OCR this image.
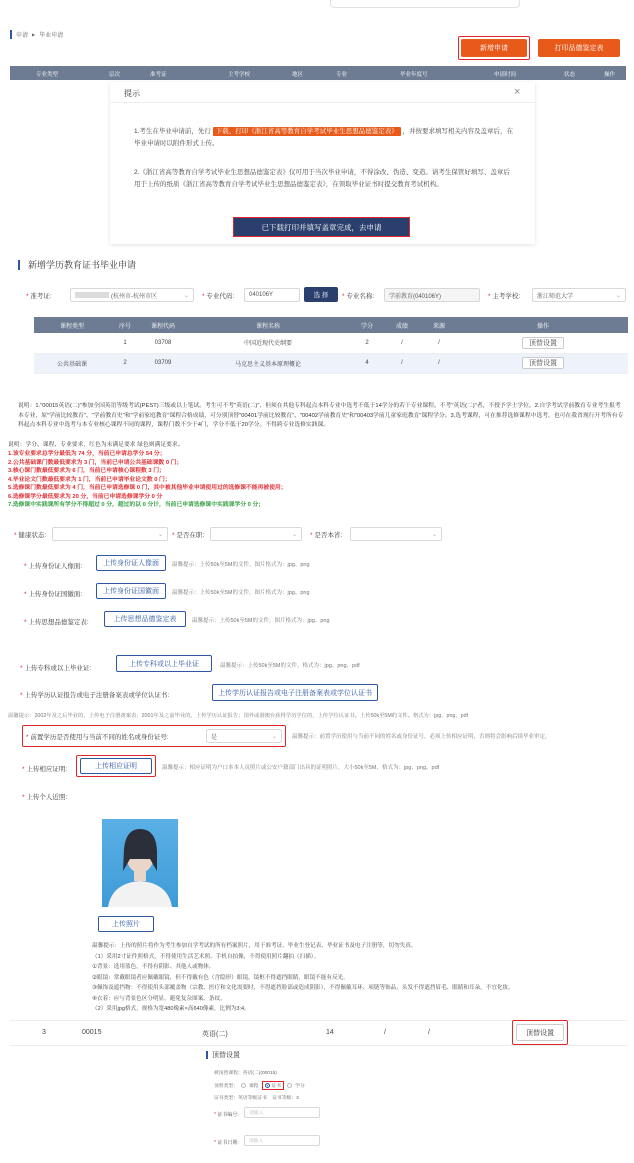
申请 ▶ 毕业申请
新增申请	打印品德鉴定表
专业类型	层次	准考证	主考学校	地区	专业	毕业年度号	申请时间	状态	操作
提示	×
1.考生在毕业申请前，先行 下载、打印《浙江省高等教育自学考试毕业生思想品德鉴定表》 ，并按要求填写相关内容及盖章后，在毕业申请时以附件形式上传。
2.《浙江省高等教育自学考试毕业生思想品德鉴定表》仅可用于当次毕业申请，不得涂改、伪造、变造。请考生保管好填写、盖章后用于上传的纸质《浙江省高等教育自学考试毕业生思想品德鉴定表》，在领取毕业证书时提交教育考试机构。
已下载打印并填写盖章完成，去申请
新增学历教育证书毕业申请
* 准考证:	(杭州市-杭州市区	⌄ * 专业代码: 040106Y	选 择	* 专业名称: 学前教育(040106Y)	* 主考学校:	浙江师范大学	⌄
课程类型	序号	课程代码	课程名称	学分	成绩	来源	操作
	1	03708	中国近现代史纲要	2	/	/	顶替设置
公共基础课	2	03709	马克思主义基本原理概论	4	/	/	顶替设置
说明：1."00015英语(二)"参加全国英语等级考试(PEST)三级或以上笔试。考生可不考"英语(二)"，但须在其他专科起点本科专业中选考不低于14学分的若干专业课程。不考"英语(二)"者，不授予学士学位。2.自学考试学前教育专业考生报考本专业，原"学前比较教育"、"学前教育史"和"学前家庭教育"课程合格成绩，可分别顶替"00401学前比较教育"、"00402学前教育史"和"00403学前儿童家庭教育"课程学分。3.选考课程，可在推荐选修课程中选考，也可在我省现行开考所有专科起点本科专业中选考与本专业核心课程不同的课程，课程门数不少于4门，学分不低于20学分。不得跨专业选修实践课。
说明：学分、课程、专业要求，红色为未满足要求 绿色则满足要求。
1.该专业要求总学分最低为 74 分，当前已申请总学分 54 分；
2.公共基础课门数最低要求为 3 门，当前已申请公共基础课数 0 门；
3.核心课门数最低要求为 6 门，当前已申请核心课程数 3 门；
4.毕业论文门数最低要求为 1 门，当前已申请毕业论文数 0 门；
5.选修课门数最低要求为 4 门，当前已申请选修课 0 门，其中被其他毕业申请使用过的选修课不能再被使用；
6.选修课学分最低要求为 20 分，当前已申请选修课学分 0 分
7.选修课中实践课所有学分不得超过 0 分，超过的以 0 分计，当前已申请选修课中实践课学分 0 分；
* 健康状态:	⌄ * 是否在职:	⌄ * 是否本省:	⌄
* 上传身份证人像面:	上传身份证人像面	温馨提示：上传50k至5M的文件。图片格式为：jpg、png
* 上传身份证国徽面:	上传身份证国徽面	温馨提示：上传50k至5M的文件。图片格式为：jpg、png
* 上传思想品德鉴定表:	上传思想品德鉴定表	温馨提示：上传50k至5M的文件。图片格式为：jpg、png
* 上传专科或以上毕业证:
上传专科或以上毕业证	温馨提示：上传50k至5M的文件。格式为：jpg、png、pdf
* 上传学历认证报告或电子注册备案表或学位认证书:	上传学历认证报告或电子注册备案表或学位认证书
温馨提示：2002年及之后毕业的，上传电子注册备案表；2001年及之前毕业的，上传学历认证报告；国外或港澳台获得学历学位的，上传学位认证书。上传50k至5M的文件。格式为：jpg、png、pdf
* 前置学历是否使用与当前不同的姓名或身份证号:	是	⌄	温馨提示：前置学历使用与当前不同的姓名或身份证号，必须上传相应证明，否则将会影响后续毕业审定。
* 上传相应证明:	上传相应证明	温馨提示：相应证明为户口本本人页照片或公安户籍部门出具的证明照片，大小50k至5M，格式为：jpg、png、pdf
* 上传个人近照:
上传照片
温馨提示：上传的照片将作为考生参加自学考试的所有档案照片，用于准考证、毕业生登记表、毕业证书及电子注册等，切勿失真。
（1）采用2寸证件照格式，不得使用生活艺术照、手机自拍像，不得使用照片翻拍（扫描）。
①背景：选用蓝色，不得有阴影、其他人或物体。
②眼镜：常戴眼镜者应佩戴眼镜，但不得戴有色（含隐形）眼镜，镜框不得遮挡眼睛，眼镜不能有反光。
③佩饰及遮挡物：不得使用头部覆盖物（宗教、医疗和文化需要时，不得遮挡脸部或造成阴影），不得佩戴耳环、项链等饰品，头发不得遮挡眉毛、眼睛和耳朵，不宜化妆。
④衣着：应与背景色区分明显，避免复杂图案、条纹。
（2）采用jpg格式，规格为宽480像素×高640像素，比例为3:4。
3	00015	英语(二)	14	/	/	顶替设置
顶替设置
被顶替课程：英语(二)(00015)
顶替类型： 课程	证书	学分
证书类型：英语等级证书    证书等级：3
* 证书编号: 请输入
* 证书日期: 请输入
